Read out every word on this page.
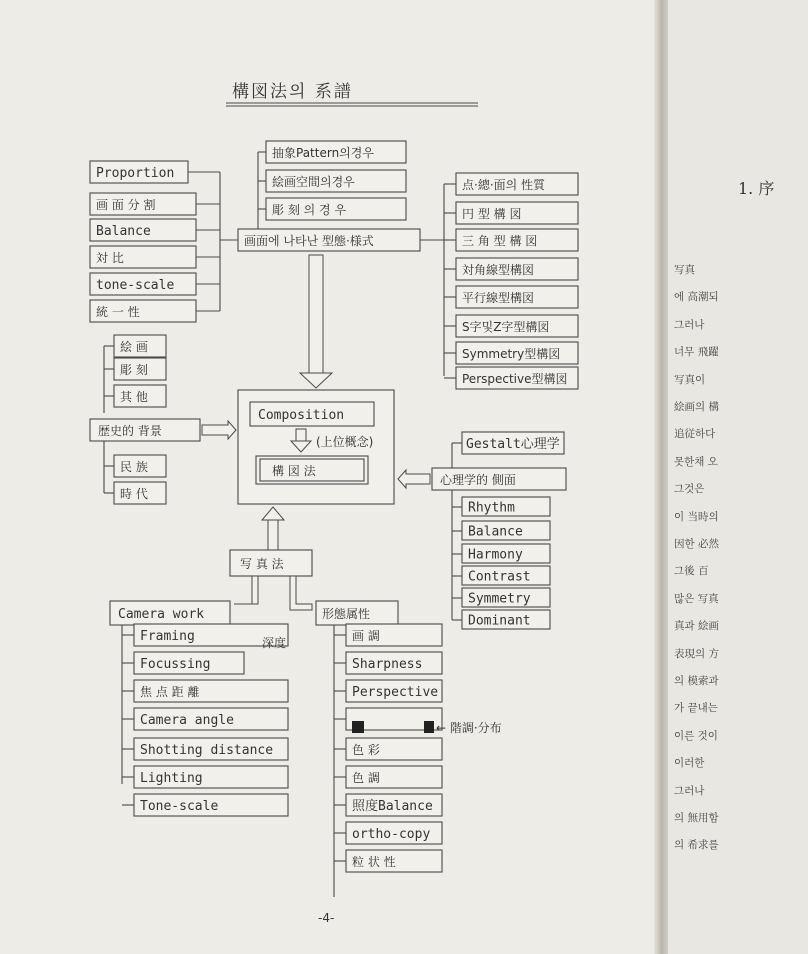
構図法의 系譜
Proportion
画 面 分 割
Balance
対 比
tone-scale
統 一 性
抽象Pattern의경우
絵画空間의경우
彫 刻 의 경 우
画面에 나타난 型態·様式
点·總·面의 性質
円 型 構 図
三 角 型 構 図
対角線型構図
平行線型構図
S字및Z字型構図
Symmetry型構図
Perspective型構図
絵 画
彫 刻
其 他
民 族
時 代
歴史的 背景
Composition
(上位概念)
構 図 法
Gestalt心理学
心理学的 側面
Rhythm
Balance
Harmony
Contrast
Symmetry
Dominant
写 真 法
Camera work
Framing
Focussing
焦 点 距 離
Camera angle
Shotting distance
Lighting
Tone-scale
深度
形態属性
画 調
Sharpness
Perspective
色 彩
色 調
照度Balance
ortho-copy
粒 状 性
← 階調·分布
-4-
1. 序
写真
에 高潮되
그러나
너무 飛躍
写真이
絵画의 構
追従하다
못한채 오
그것은
이 当時의
因한 必然
그後 百
많은 写真
真과 絵画
表現의 方
의 模索과
가 끝내는
이른 것이
이러한
그러나
의 無用함
의 希求를
